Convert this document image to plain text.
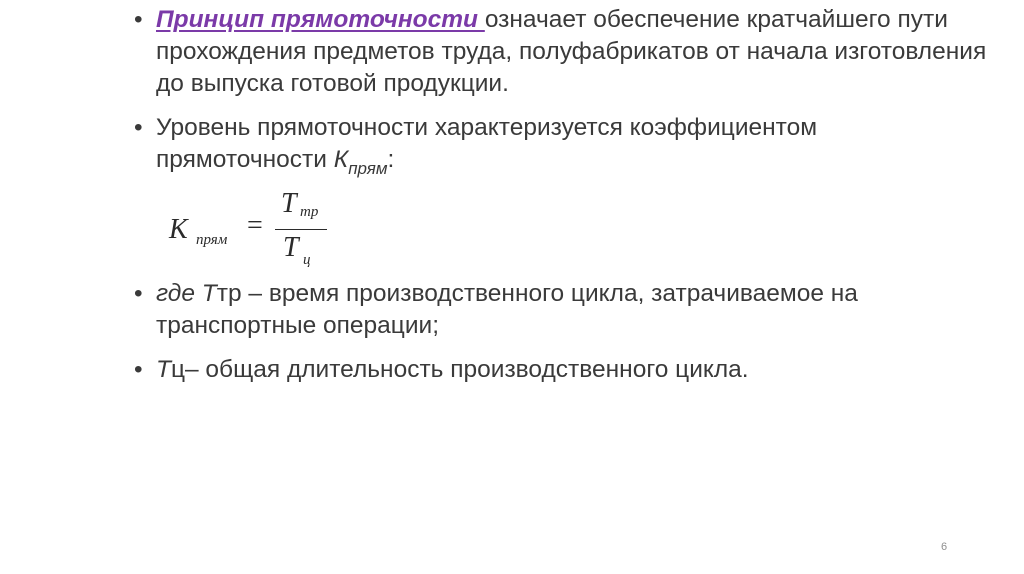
• Принцип прямоточности означает обеспечение кратчайшего пути прохождения предметов труда, полуфабрикатов от начала изготовления до выпуска готовой продукции.
• Уровень прямоточности характеризуется коэффициентом прямоточности $К_{прям}$:
K прям =
T тр
T ц
• где Ттр – время производственного цикла, затрачиваемое на транспортные операции;
• Тц– общая длительность производственного цикла.
6
